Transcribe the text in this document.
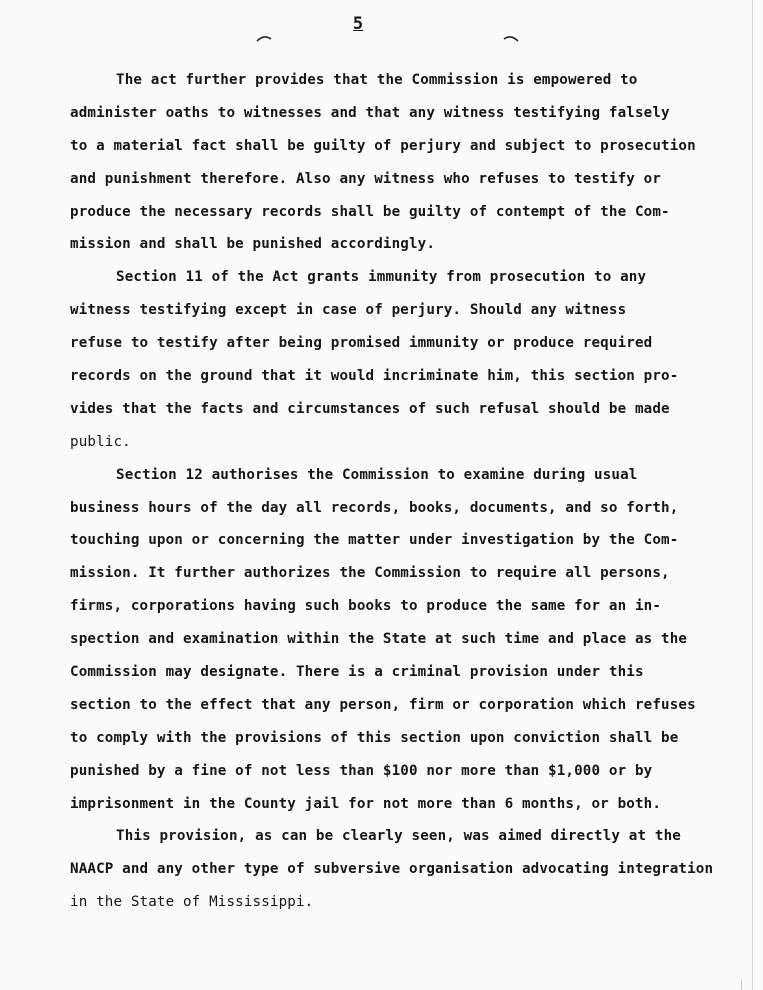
5

The act further provides that the Commission is empowered to
administer oaths to witnesses and that any witness testifying falsely
to a material fact shall be guilty of perjury and subject to prosecution
and punishment therefore. Also any witness who refuses to testify or
produce the necessary records shall be guilty of contempt of the Com-
mission and shall be punished accordingly.

Section 11 of the Act grants immunity from prosecution to any
witness testifying except in case of perjury. Should any witness
refuse to testify after being promised immunity or produce required
records on the ground that it would incriminate him, this section pro-
vides that the facts and circumstances of such refusal should be made
public.

Section 12 authorises the Commission to examine during usual
business hours of the day all records, books, documents, and so forth,
touching upon or concerning the matter under investigation by the Com-
mission. It further authorizes the Commission to require all persons,
firms, corporations having such books to produce the same for an in-
spection and examination within the State at such time and place as the
Commission may designate. There is a criminal provision under this
section to the effect that any person, firm or corporation which refuses
to comply with the provisions of this section upon conviction shall be
punished by a fine of not less than $100 nor more than $1,000 or by
imprisonment in the County jail for not more than 6 months, or both.

This provision, as can be clearly seen, was aimed directly at the
NAACP and any other type of subversive organisation advocating integration
in the State of Mississippi.
